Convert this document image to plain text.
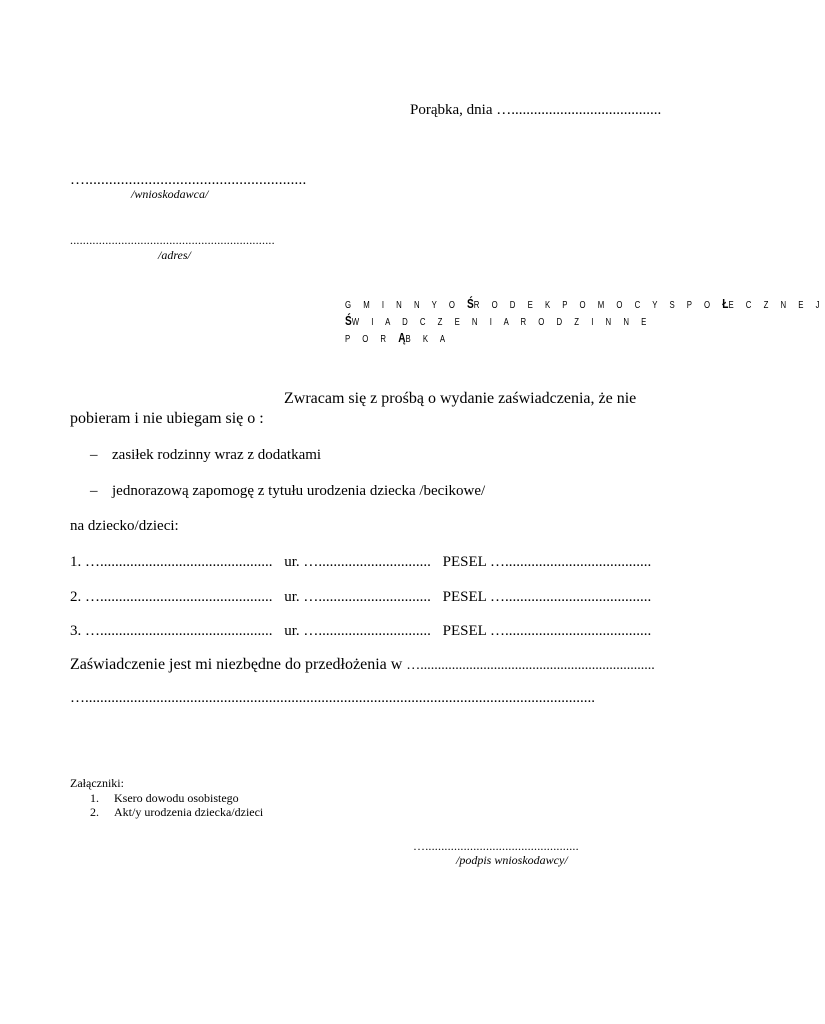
Porąbka, dnia …........................................
…........................................................
/wnioskodawca/
................................................................
/adres/
G M I N N Y O ŚR O D E K P O M O C Y S P O ŁE C Z N E J
ŚW I A D C Z E N I A R O D Z I N N E
P O R ĄB K A
Zwracam się z prośbą o wydanie zaświadczenia, że nie
pobieram i nie ubiegam się o :
– zasiłek rodzinny wraz z dodatkami
– jednorazową zapomogę z tytułu urodzenia dziecka /becikowe/
na dziecko/dzieci:
1. ….............................................. ur. ….............................. PESEL ….......................................
2. ….............................................. ur. ….............................. PESEL ….......................................
3. ….............................................. ur. ….............................. PESEL ….......................................
Zaświadczenie jest mi niezbędne do przedłożenia w …...................................................................
…........................................................................................................................................
Załączniki:
1. Ksero dowodu osobistego
2. Akt/y urodzenia dziecka/dzieci
…................................................
/podpis wnioskodawcy/
